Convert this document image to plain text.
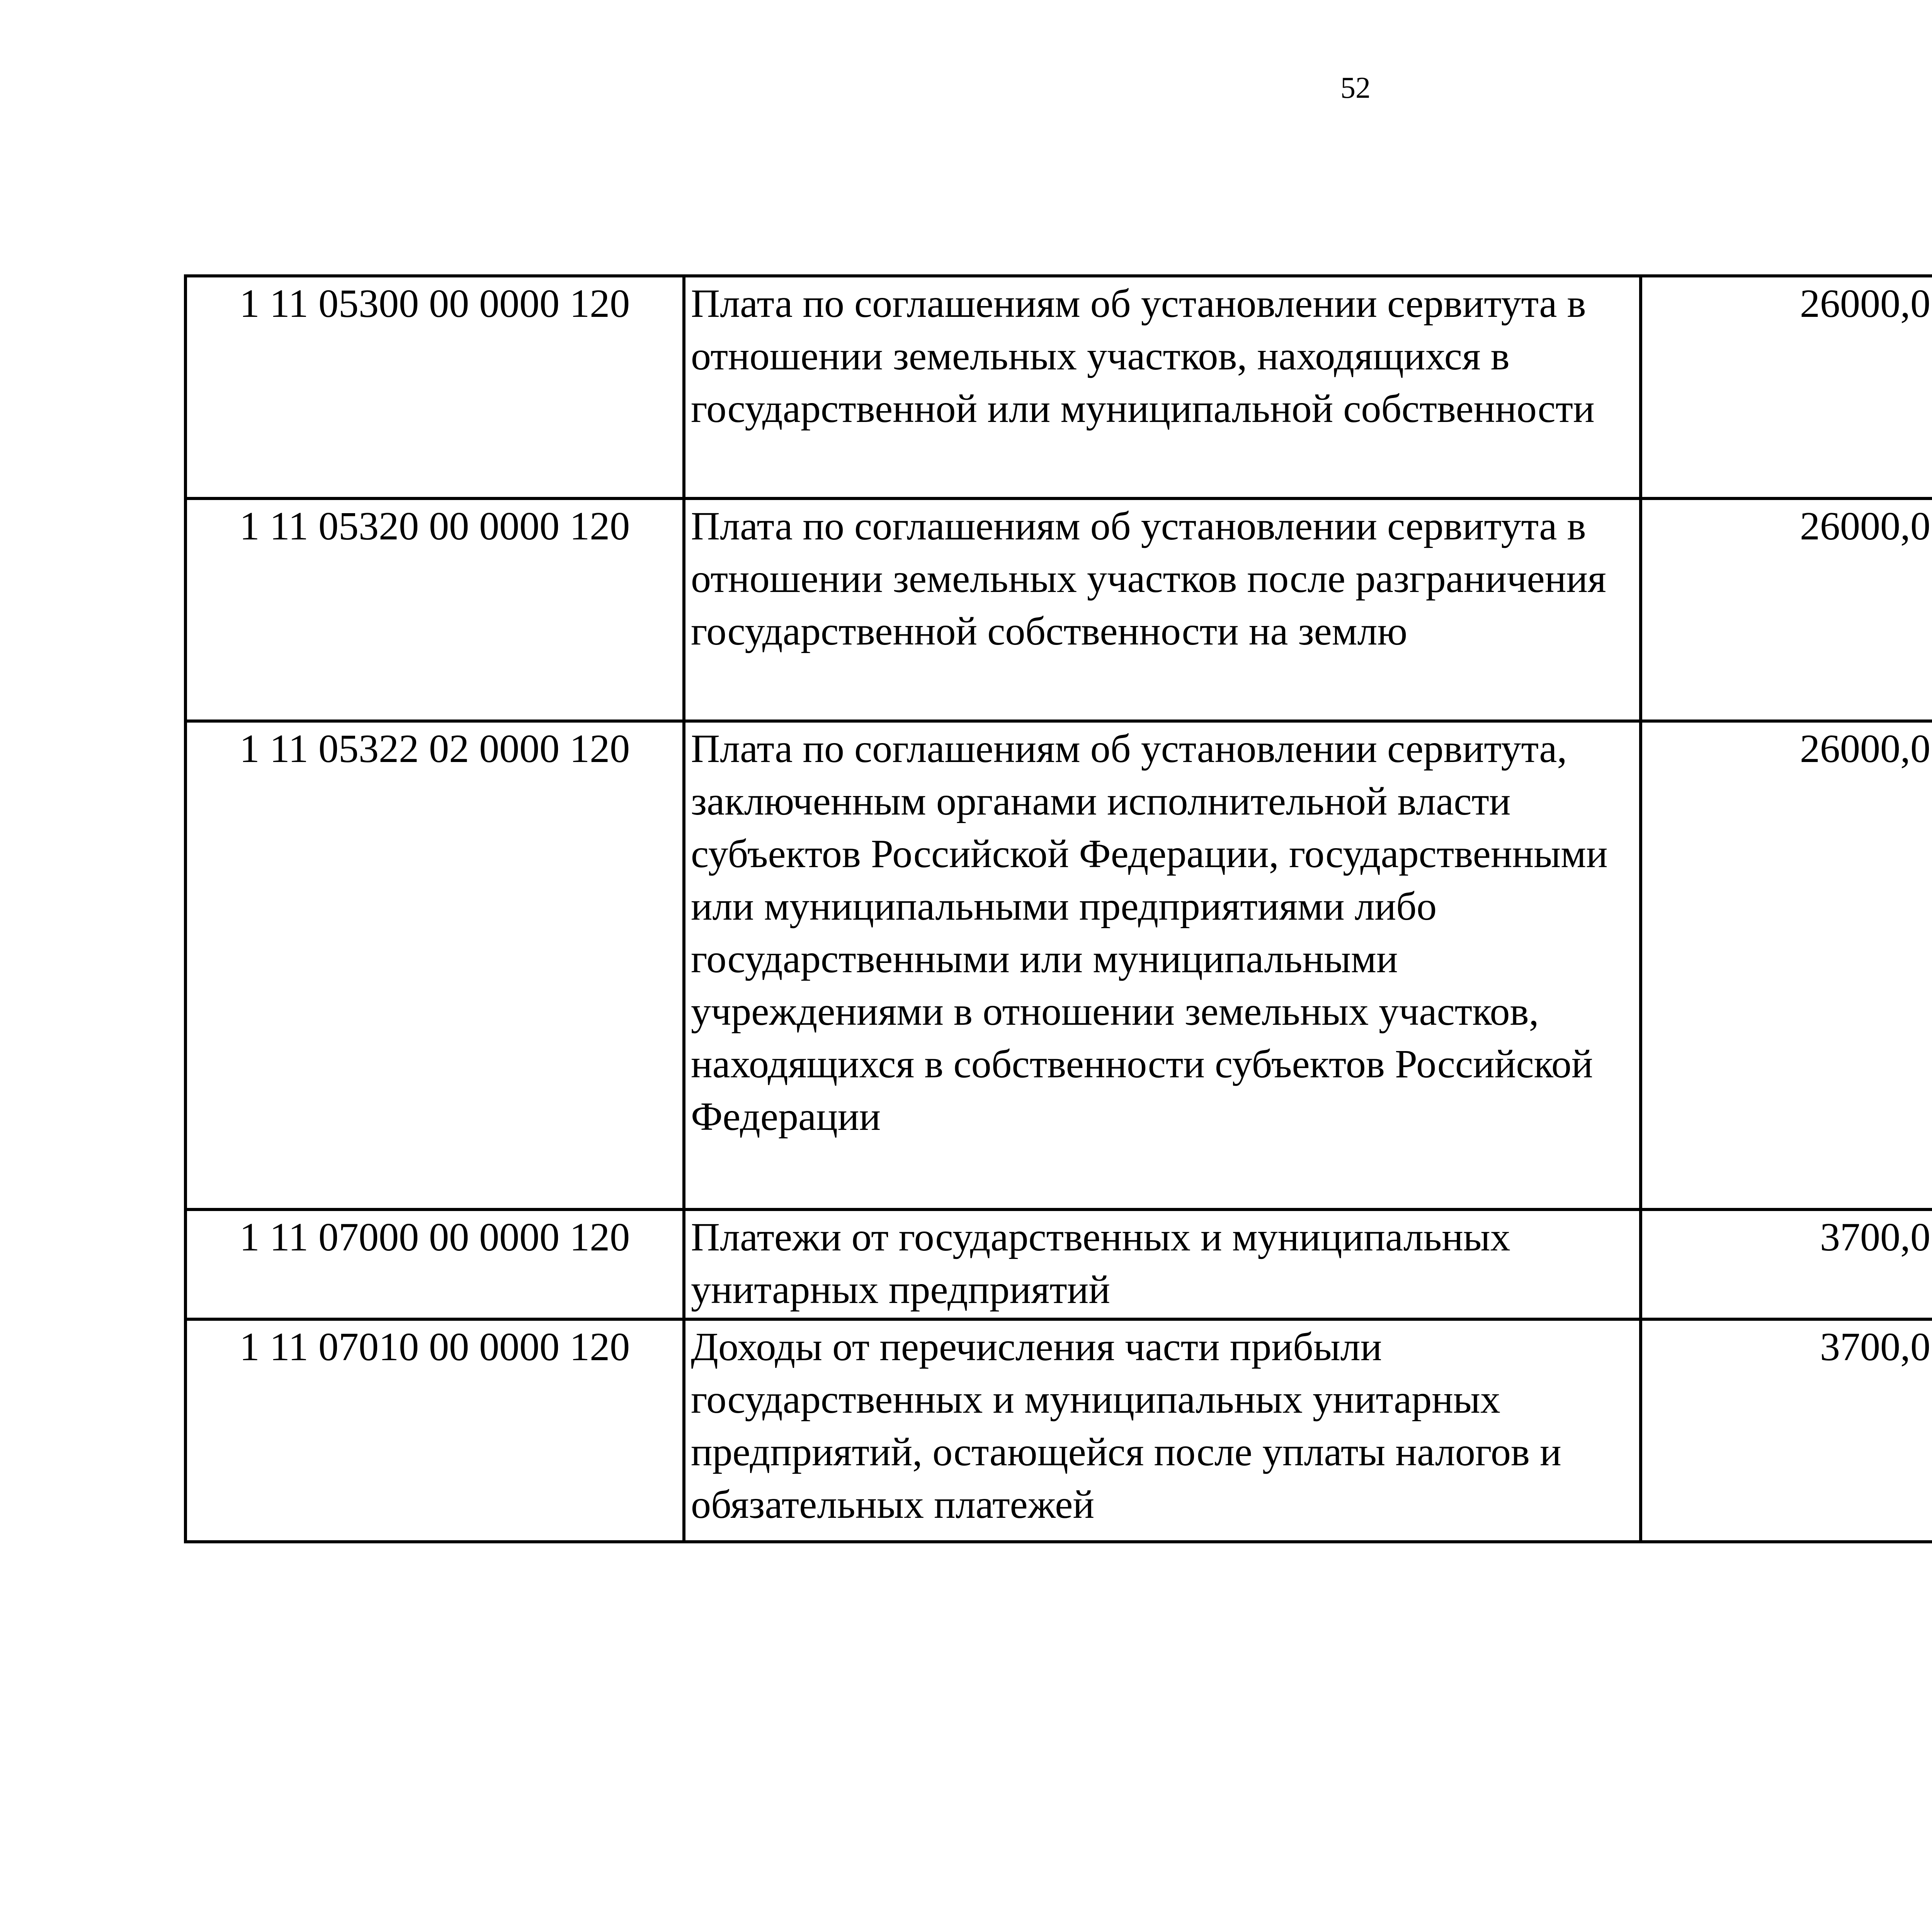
52
1 11 05300 00 0000 120	Плата по соглашениям об установлении сервитута в отношении земельных участков, находящихся в государственной или муниципальной собственности	26000,0		
1 11 05320 00 0000 120	Плата по соглашениям об установлении сервитута в отношении земельных участков после разграничения государственной собственности на землю	26000,0		
1 11 05322 02 0000 120	Плата по соглашениям об установлении сервитута, заключенным органами исполнительной власти субъектов Российской Федерации, государственными или муниципальными предприятиями либо государственными или муниципальными учреждениями в отношении земельных участков, находящихся в собственности субъектов Российской Федерации	26000,0		
1 11 07000 00 0000 120	Платежи от государственных и муниципальных унитарных предприятий	3700,0		
1 11 07010 00 0000 120	Доходы от перечисления части прибыли государственных и муниципальных унитарных предприятий, остающейся после уплаты налогов и обязательных платежей	3700,0		
